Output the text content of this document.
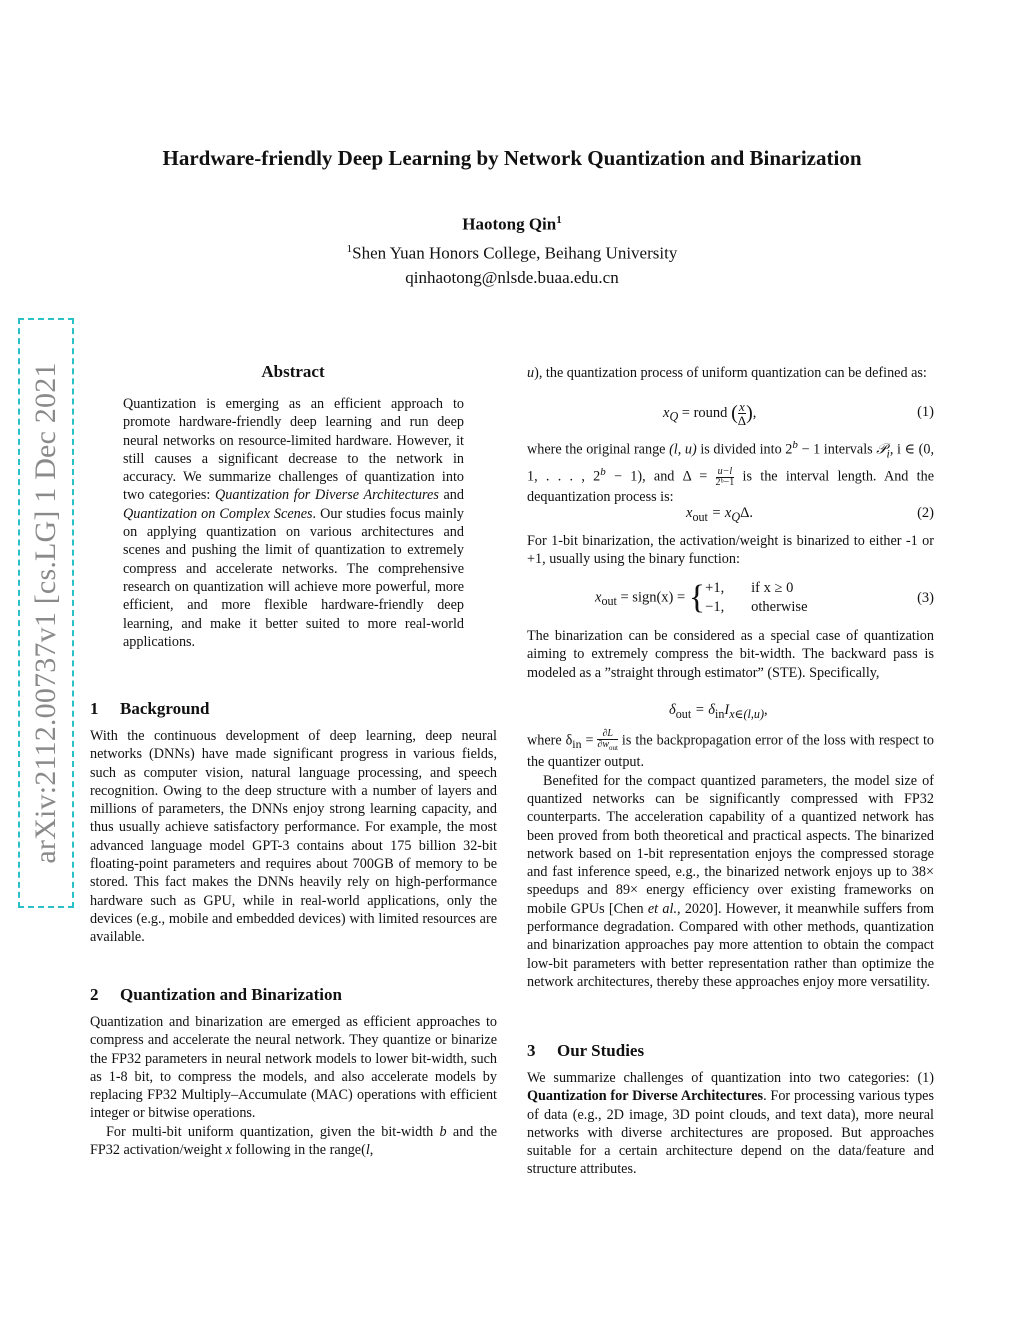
Hardware-friendly Deep Learning by Network Quantization and Binarization
Haotong Qin$^1$
$^1$Shen Yuan Honors College, Beihang University
qinhaotong@nlsde.buaa.edu.cn
arXiv:2112.00737v1 [cs.LG] 1 Dec 2021	Abstract

Quantization is emerging as an efficient approach to promote hardware-friendly deep learning and run deep neural networks on resource-limited hardware. However, it still causes a significant decrease to the network in accuracy. We summarize challenges of quantization into two categories: Quantization for Diverse Architectures and Quantization on Complex Scenes. Our studies focus mainly on applying quantization on various architectures and scenes and pushing the limit of quantization to extremely compress and accelerate networks. The comprehensive research on quantization will achieve more powerful, more efficient, and more flexible hardware-friendly deep learning, and make it better suited to more real-world applications.

1 Background

With the continuous development of deep learning, deep neural networks (DNNs) have made significant progress in various fields, such as computer vision, natural language processing, and speech recognition. Owing to the deep structure with a number of layers and millions of parameters, the DNNs enjoy strong learning capacity, and thus usually achieve satisfactory performance. For example, the most advanced language model GPT-3 contains about 175 billion 32-bit floating-point parameters and requires about 700GB of memory to be stored. This fact makes the DNNs heavily rely on high-performance hardware such as GPU, while in real-world applications, only the devices (e.g., mobile and embedded devices) with limited resources are available.

2 Quantization and Binarization

Quantization and binarization are emerged as efficient approaches to compress and accelerate the neural network. They quantize or binarize the FP32 parameters in neural network models to lower bit-width, such as 1-8 bit, to compress the models, and also accelerate models by replacing FP32 Multiply–Accumulate (MAC) operations with efficient integer or bitwise operations.

For multi-bit uniform quantization, given the bit-width b and the FP32 activation/weight x following in the range(l,

u), the quantization process of uniform quantization can be defined as:

$x_Q$ = round ( $\frac{x}{\Delta}$ ),	(1)

where the original range (l, u) is divided into $2^b - 1$ intervals 𝒫$_i$, i ∈ (0, 1, . . . , $2^b - 1$), and $\Delta = \frac{u-l}{\text{2ᵇ−1}}$ is the interval length. And the dequantization process is:

$x_{out} = x_Q\Delta$.	(2)

For 1-bit binarization, the activation/weight is binarized to either -1 or +1, usually using the binary function:

$x_{out}$ = sign(x) = { +1, if x ≥ 0
−1, otherwise
(3)

The binarization can be considered as a special case of quantization aiming to extremely compress the bit-width. The backward pass is modeled as a ”straight through estimator” (STE). Specifically,

$\delta_{out} = \delta_{in}I_{x\in(l,u)}$,

where $\delta_{in} = \frac{\partial L}{\partial w_{out}}$ is the backpropagation error of the loss with respect to the quantizer output.

Benefited for the compact quantized parameters, the model size of quantized networks can be significantly compressed with FP32 counterparts. The acceleration capability of a quantized network has been proved from both theoretical and practical aspects. The binarized network based on 1-bit representation enjoys the compressed storage and fast inference speed, e.g., the binarized network enjoys up to 38× speedups and 89× energy efficiency over existing frameworks on mobile GPUs [Chen et al., 2020]. However, it meanwhile suffers from performance degradation. Compared with other methods, quantization and binarization approaches pay more attention to obtain the compact low-bit parameters with better representation rather than optimize the network architectures, thereby these approaches enjoy more versatility.

3 Our Studies

We summarize challenges of quantization into two categories: (1) Quantization for Diverse Architectures. For processing various types of data (e.g., 2D image, 3D point clouds, and text data), more neural networks with diverse architectures are proposed. But approaches suitable for a certain architecture depend on the data/feature and structure attributes.
